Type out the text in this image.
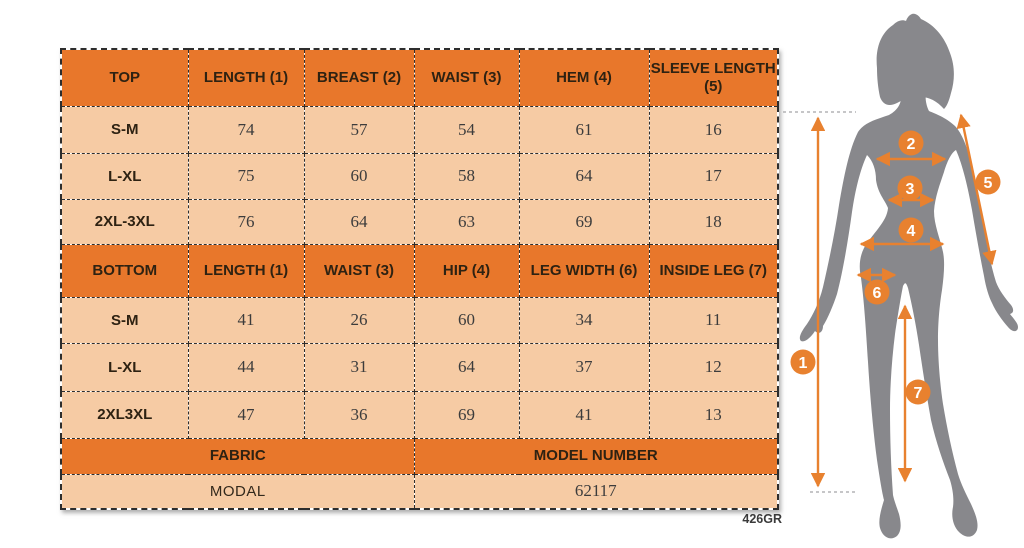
TOP	LENGTH (1)	BREAST (2)	WAIST (3)	HEM (4)	SLEEVE LENGTH (5)
S-M	74	57	54	61	16
L-XL	75	60	58	64	17
2XL-3XL	76	64	63	69	18
BOTTOM	LENGTH (1)	WAIST (3)	HIP (4)	LEG WIDTH (6)	INSIDE LEG (7)
S-M	41	26	60	34	11
L-XL	44	31	64	37	12
2XL3XL	47	36	69	41	13
FABRIC			MODEL NUMBER		
MODAL			62117		
426GR
1
2
3
4
5
6
7
